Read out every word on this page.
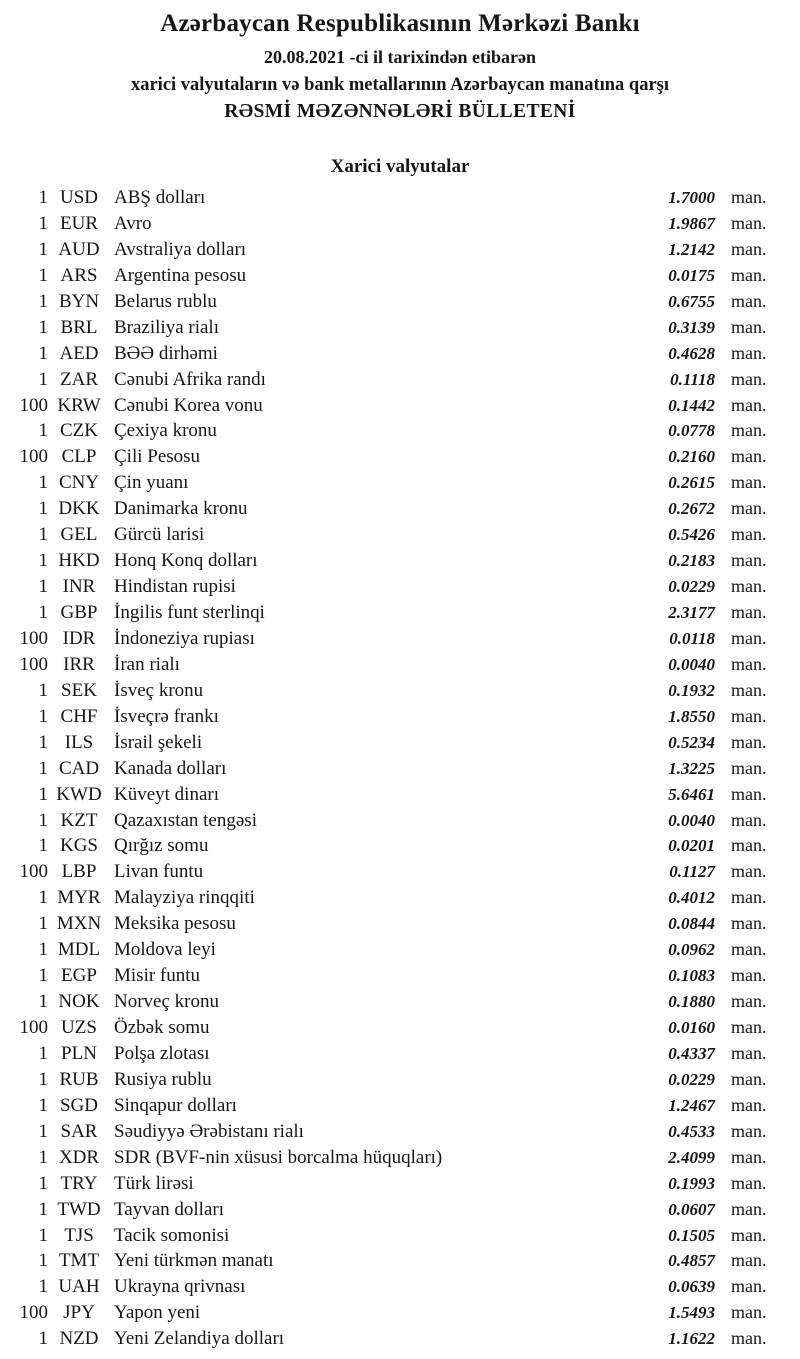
Azərbaycan Respublikasının Mərkəzi Bankı
20.08.2021 -ci il tarixindən etibarən
xarici valyutaların və bank metallarının Azərbaycan manatına qarşı
RƏSMİ MƏZƏNNƏLƏRİ BÜLLETENİ
Xarici valyutalar
1 USD ABŞ dolları	1.7000 man.
1 EUR Avro	1.9867 man.
1 AUD Avstraliya dolları	1.2142 man.
1 ARS Argentina pesosu	0.0175 man.
1 BYN Belarus rublu	0.6755 man.
1 BRL Braziliya rialı	0.3139 man.
1 AED BƏƏ dirhəmi	0.4628 man.
1 ZAR Cənubi Afrika randı	0.1118 man.
100 KRW Cənubi Korea vonu	0.1442 man.
1 CZK Çexiya kronu	0.0778 man.
100 CLP Çili Pesosu	0.2160 man.
1 CNY Çin yuanı	0.2615 man.
1 DKK Danimarka kronu	0.2672 man.
1 GEL Gürcü larisi	0.5426 man.
1 HKD Honq Konq dolları	0.2183 man.
1 INR Hindistan rupisi	0.0229 man.
1 GBP İngilis funt sterlinqi	2.3177 man.
100 IDR İndoneziya rupiası	0.0118 man.
100 IRR	İran rialı	0.0040 man.
1 SEK İsveç kronu	0.1932 man.
1 CHF İsveçrə frankı	1.8550 man.
1 ILS	İsrail şekeli	0.5234 man.
1 CAD Kanada dolları	1.3225 man.
1 KWD Küveyt dinarı	5.6461 man.
1 KZT Qazaxıstan tengəsi	0.0040 man.
1 KGS Qırğız somu	0.0201 man.
100 LBP Livan funtu	0.1127 man.
1 MYR Malayziya rinqqiti	0.4012 man.
1 MXN Meksika pesosu	0.0844 man.
1 MDL Moldova leyi	0.0962 man.
1 EGP Misir funtu	0.1083 man.
1 NOK Norveç kronu	0.1880 man.
100 UZS Özbək somu	0.0160 man.
1 PLN Polşa zlotası	0.4337 man.
1 RUB Rusiya rublu	0.0229 man.
1 SGD Sinqapur dolları	1.2467 man.
1 SAR Səudiyyə Ərəbistanı rialı	0.4533 man.
1 XDR SDR (BVF-nin xüsusi borcalma hüquqları)	2.4099 man.
1 TRY Türk lirəsi	0.1993 man.
1 TWD Tayvan dolları	0.0607 man.
1 TJS	Tacik somonisi	0.1505 man.
1 TMT Yeni türkmən manatı	0.4857 man.
1 UAH Ukrayna qrivnası	0.0639 man.
100 JPY	Yapon yeni	1.5493 man.
1 NZD Yeni Zelandiya dolları	1.1622 man.
